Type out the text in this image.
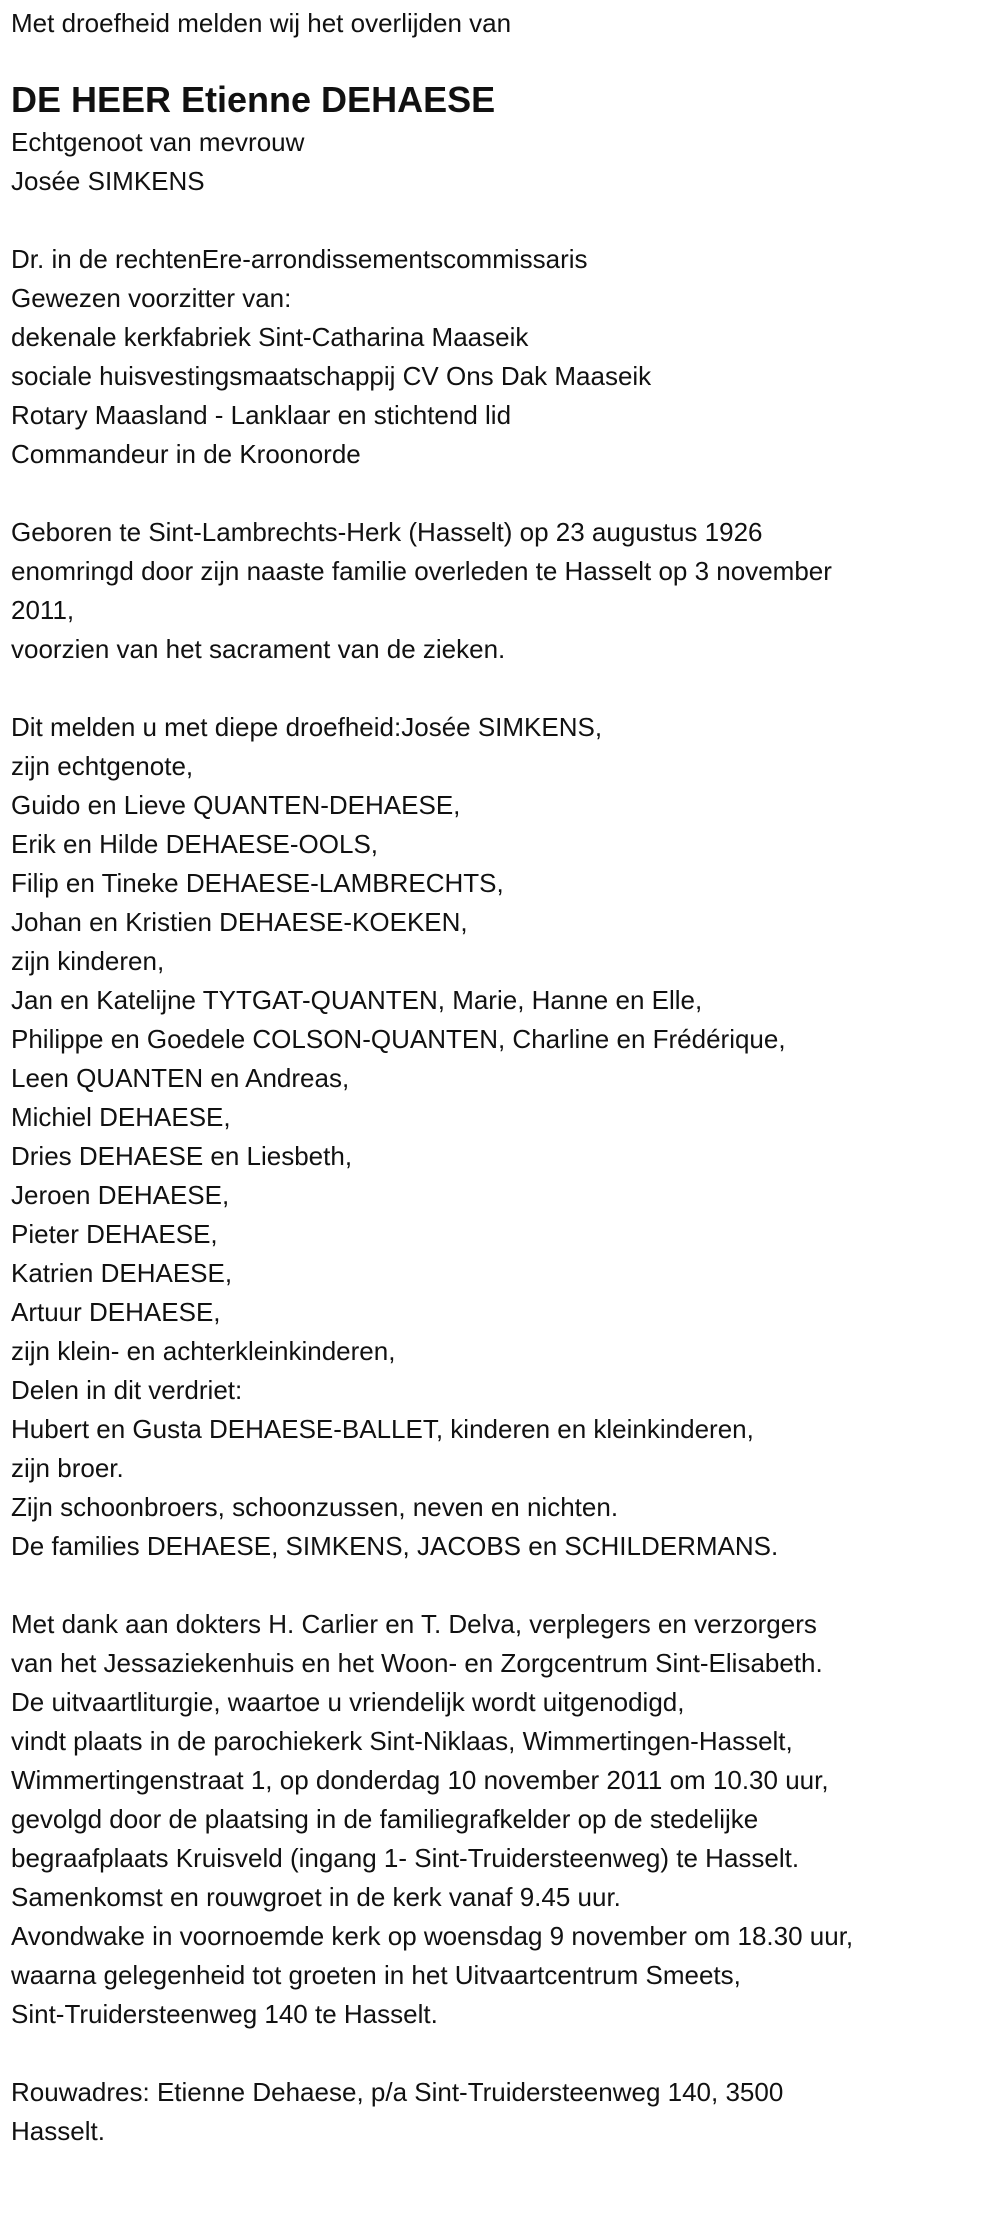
Met droefheid melden wij het overlijden van
DE HEER Etienne DEHAESE
Echtgenoot van mevrouw
Josée SIMKENS
Dr. in de rechtenEre-arrondissementscommissaris
Gewezen voorzitter van:
dekenale kerkfabriek Sint-Catharina Maaseik
sociale huisvestingsmaatschappij CV Ons Dak Maaseik
Rotary Maasland - Lanklaar en stichtend lid
Commandeur in de Kroonorde
Geboren te Sint-Lambrechts-Herk (Hasselt) op 23 augustus 1926
enomringd door zijn naaste familie overleden te Hasselt op 3 november
2011,
voorzien van het sacrament van de zieken.
Dit melden u met diepe droefheid:Josée SIMKENS,
zijn echtgenote,
Guido en Lieve QUANTEN-DEHAESE,
Erik en Hilde DEHAESE-OOLS,
Filip en Tineke DEHAESE-LAMBRECHTS,
Johan en Kristien DEHAESE-KOEKEN,
zijn kinderen,
Jan en Katelijne TYTGAT-QUANTEN, Marie, Hanne en Elle,
Philippe en Goedele COLSON-QUANTEN, Charline en Frédérique,
Leen QUANTEN en Andreas,
Michiel DEHAESE,
Dries DEHAESE en Liesbeth,
Jeroen DEHAESE,
Pieter DEHAESE,
Katrien DEHAESE,
Artuur DEHAESE,
zijn klein- en achterkleinkinderen,
Delen in dit verdriet:
Hubert en Gusta DEHAESE-BALLET, kinderen en kleinkinderen,
zijn broer.
Zijn schoonbroers, schoonzussen, neven en nichten.
De families DEHAESE, SIMKENS, JACOBS en SCHILDERMANS.
Met dank aan dokters H. Carlier en T. Delva, verplegers en verzorgers
van het Jessaziekenhuis en het Woon- en Zorgcentrum Sint-Elisabeth.
De uitvaartliturgie, waartoe u vriendelijk wordt uitgenodigd,
vindt plaats in de parochiekerk Sint-Niklaas, Wimmertingen-Hasselt,
Wimmertingenstraat 1, op donderdag 10 november 2011 om 10.30 uur,
gevolgd door de plaatsing in de familiegrafkelder op de stedelijke
begraafplaats Kruisveld (ingang 1- Sint-Truidersteenweg) te Hasselt.
Samenkomst en rouwgroet in de kerk vanaf 9.45 uur.
Avondwake in voornoemde kerk op woensdag 9 november om 18.30 uur,
waarna gelegenheid tot groeten in het Uitvaartcentrum Smeets,
Sint-Truidersteenweg 140 te Hasselt.
Rouwadres: Etienne Dehaese, p/a Sint-Truidersteenweg 140, 3500
Hasselt.
